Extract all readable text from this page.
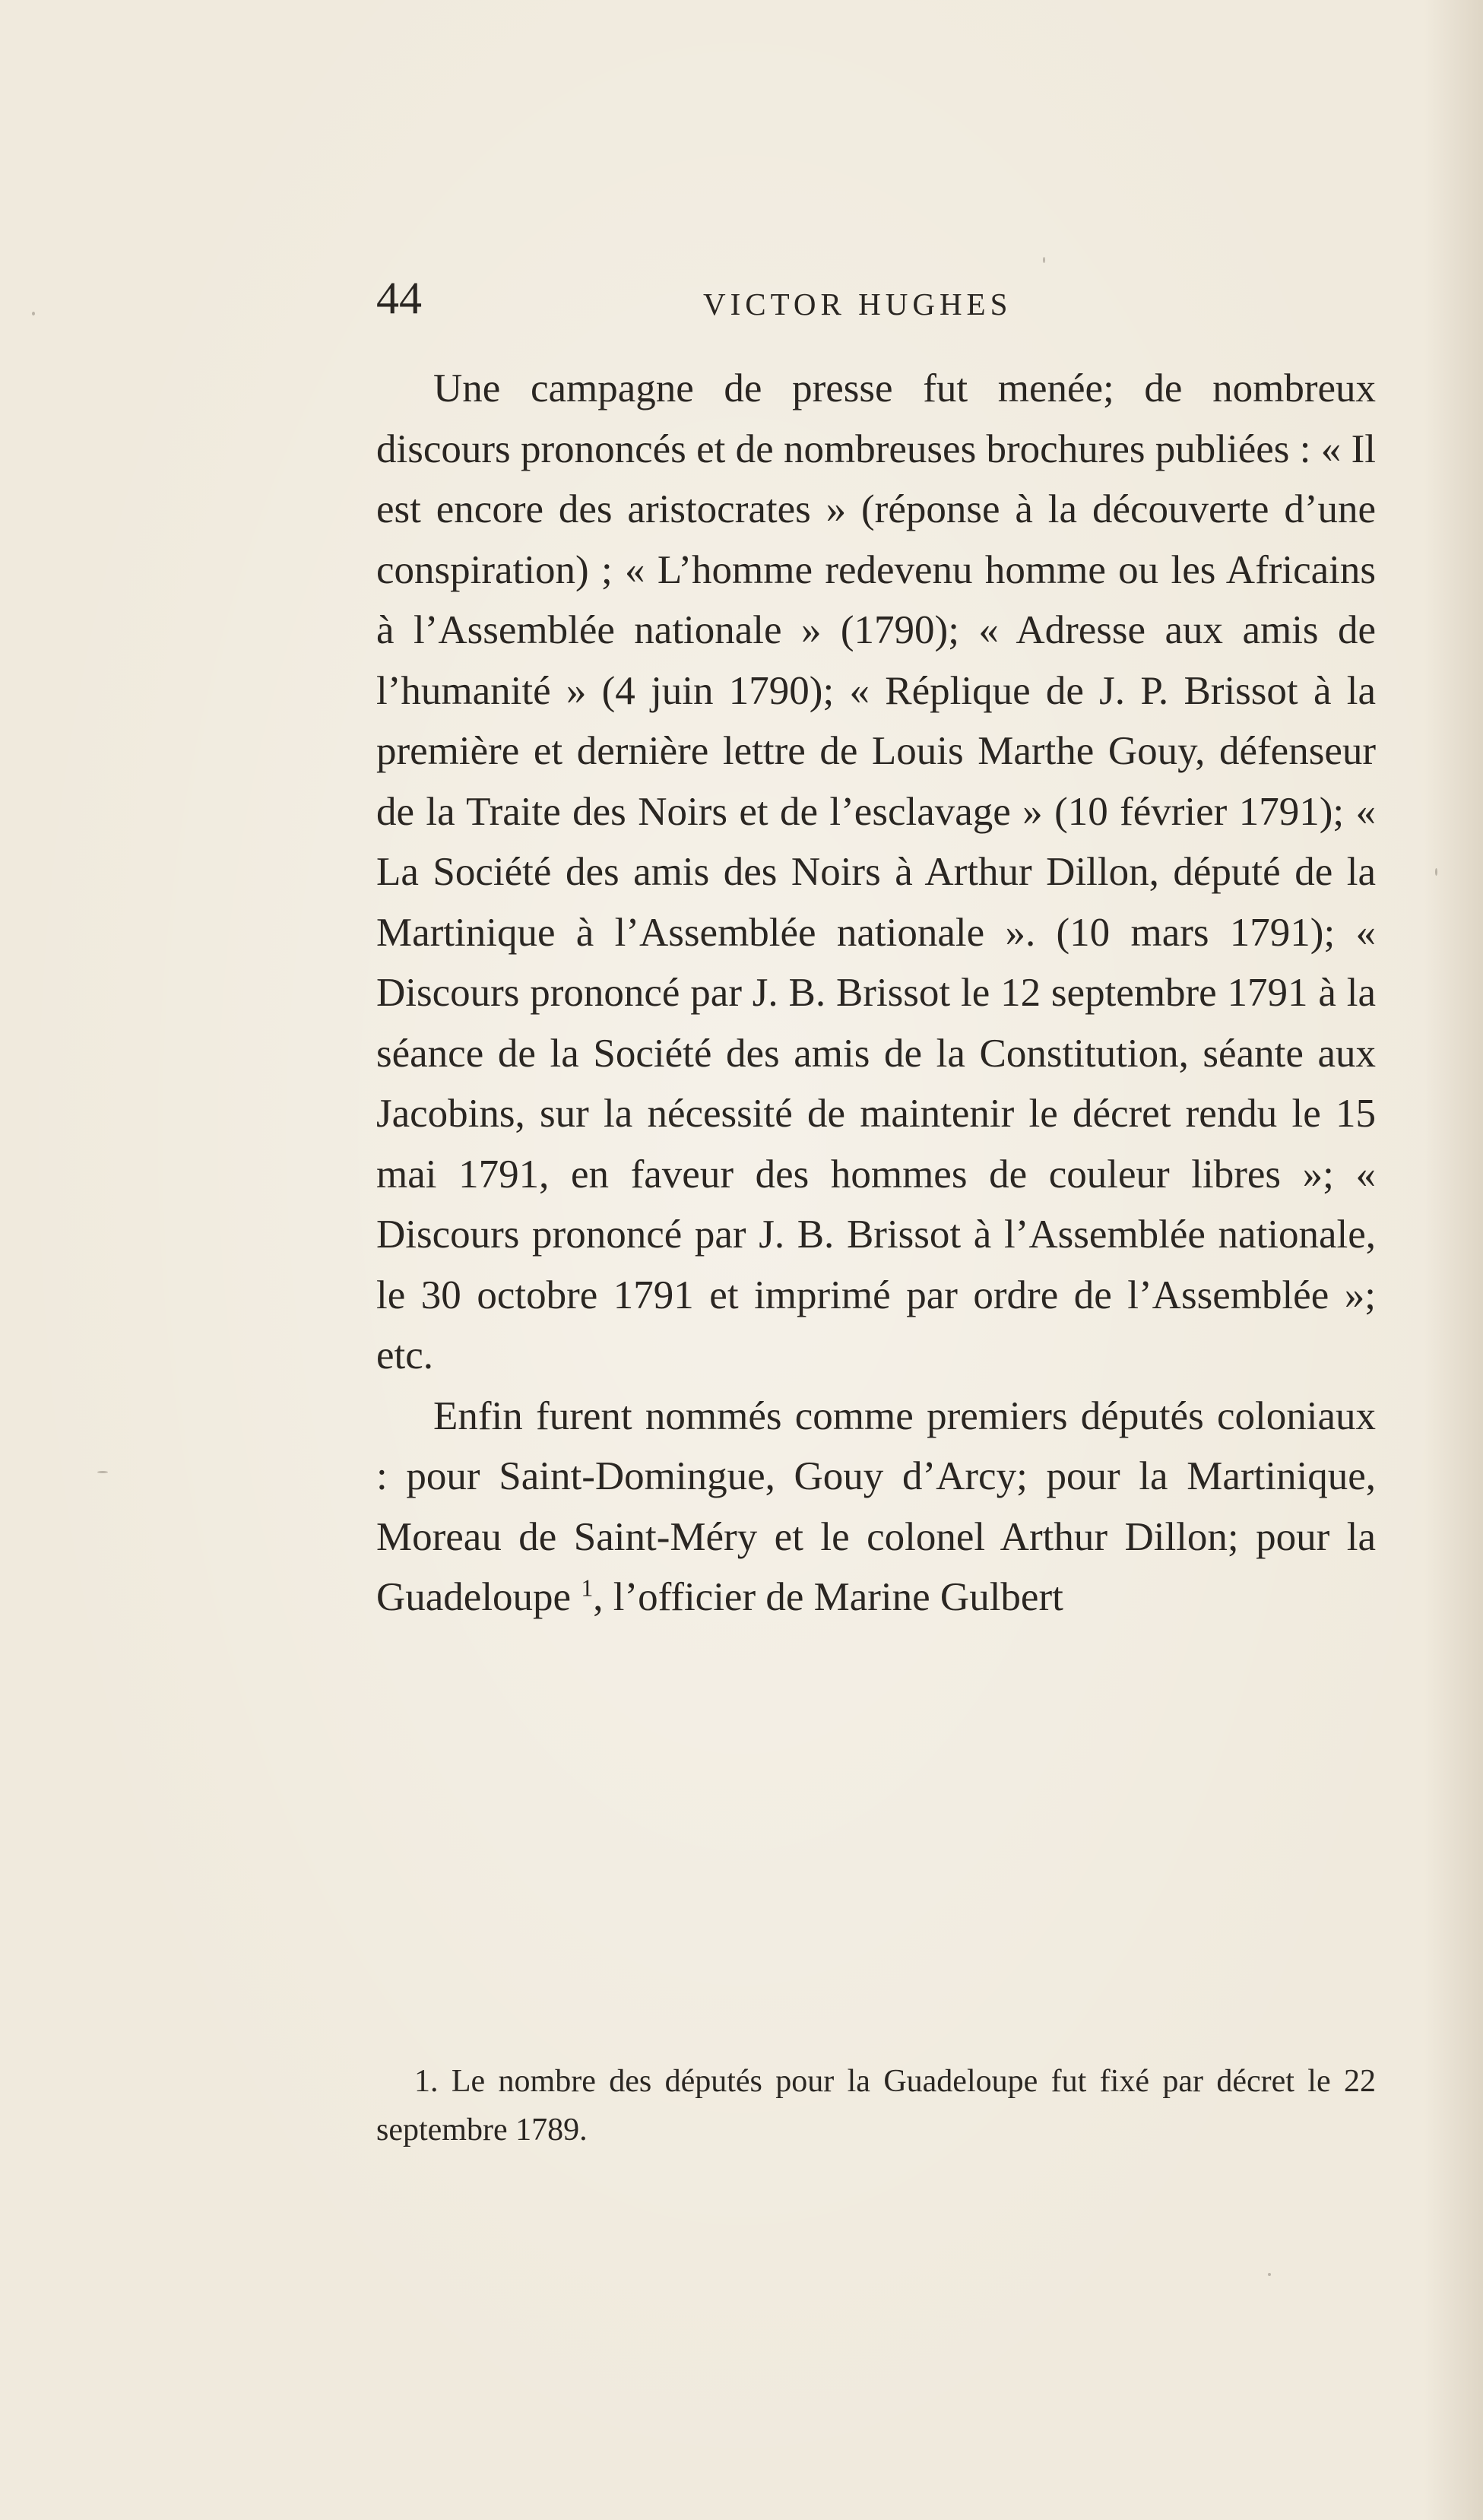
44	VICTOR HUGHES

Une campagne de presse fut menée; de nombreux discours prononcés et de nombreuses brochures publiées : « Il est encore des aristocrates » (réponse à la découverte d’une conspiration) ; « L’homme redevenu homme ou les Africains à l’Assemblée nationale » (1790); « Adresse aux amis de l’humanité » (4 juin 1790); « Réplique de J. P. Brissot à la première et dernière lettre de Louis Marthe Gouy, défenseur de la Traite des Noirs et de l’esclavage » (10 février 1791); « La Société des amis des Noirs à Arthur Dillon, député de la Martinique à l’Assemblée nationale ». (10 mars 1791); « Discours prononcé par J. B. Brissot le 12 septembre 1791 à la séance de la Société des amis de la Constitution, séante aux Jacobins, sur la nécessité de maintenir le décret rendu le 15 mai 1791, en faveur des hommes de couleur libres »; « Discours prononcé par J. B. Brissot à l’Assemblée nationale, le 30 octobre 1791 et imprimé par ordre de l’Assemblée »; etc.

Enfin furent nommés comme premiers députés coloniaux : pour Saint-Domingue, Gouy d’Arcy; pour la Martinique, Moreau de Saint-Méry et le colonel Arthur Dillon; pour la Guadeloupe $^1$, l’officier de Marine Gulbert

1. Le nombre des députés pour la Guadeloupe fut fixé par décret le 22 septembre 1789.
